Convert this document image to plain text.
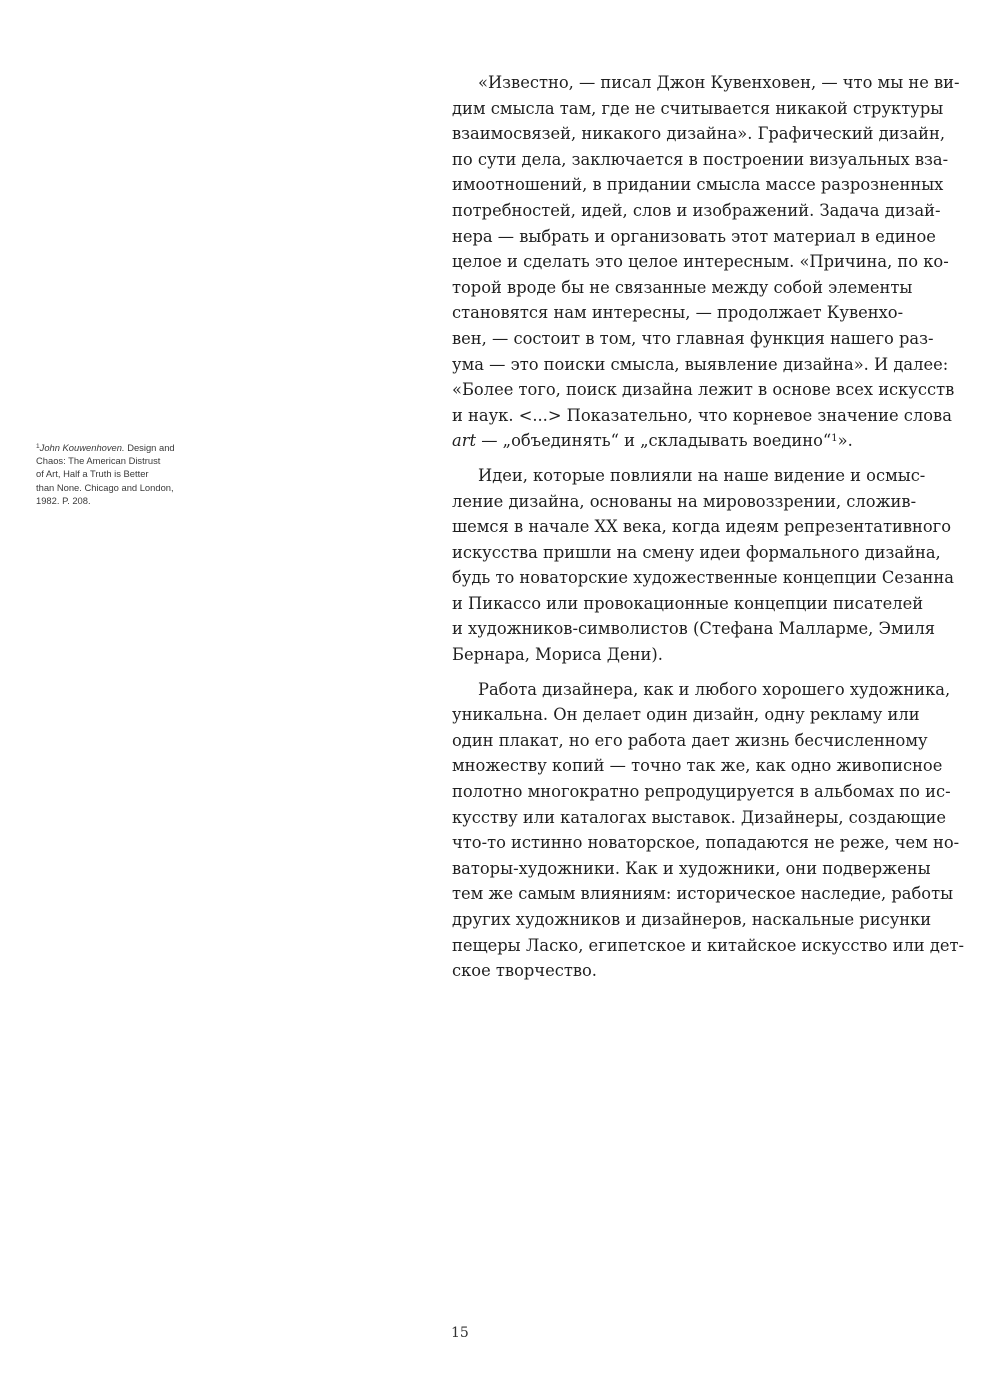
$^1$John Kouwenhoven. Design and
Chaos: The American Distrust
of Art, Half a Truth is Better
than None. Chicago and London,
1982. P. 208.
«Известно, — писал Джон Кувенховен, — что мы не ви-
дим смысла там, где не считывается никакой структуры
взаимосвязей, никакого дизайна». Графический дизайн,
по сути дела, заключается в построении визуальных вза-
имоотношений, в придании смысла массе разрозненных
потребностей, идей, слов и изображений. Задача дизай-
нера — выбрать и организовать этот материал в единое
целое и сделать это целое интересным. «Причина, по ко-
торой вроде бы не связанные между собой элементы
становятся нам интересны, — продолжает Кувенхо-
вен, — состоит в том, что главная функция нашего раз-
ума — это поиски смысла, выявление дизайна». И далее:
«Более того, поиск дизайна лежит в основе всех искусств
и наук. <...> Показательно, что корневое значение слова
art — „объединять“ и „складывать воедино“$^1$».
Идеи, которые повлияли на наше видение и осмыс-
ление дизайна, основаны на мировоззрении, сложив-
шемся в начале XX века, когда идеям репрезентативного
искусства пришли на смену идеи формального дизайна,
будь то новаторские художественные концепции Сезанна
и Пикассо или провокационные концепции писателей
и художников-символистов (Стефана Малларме, Эмиля
Бернара, Мориса Дени).
Работа дизайнера, как и любого хорошего художника,
уникальна. Он делает один дизайн, одну рекламу или
один плакат, но его работа дает жизнь бесчисленному
множеству копий — точно так же, как одно живописное
полотно многократно репродуцируется в альбомах по ис-
кусству или каталогах выставок. Дизайнеры, создающие
что-то истинно новаторское, попадаются не реже, чем но-
ваторы-художники. Как и художники, они подвержены
тем же самым влияниям: историческое наследие, работы
других художников и дизайнеров, наскальные рисунки
пещеры Ласко, египетское и китайское искусство или дет-
ское творчество.
15
